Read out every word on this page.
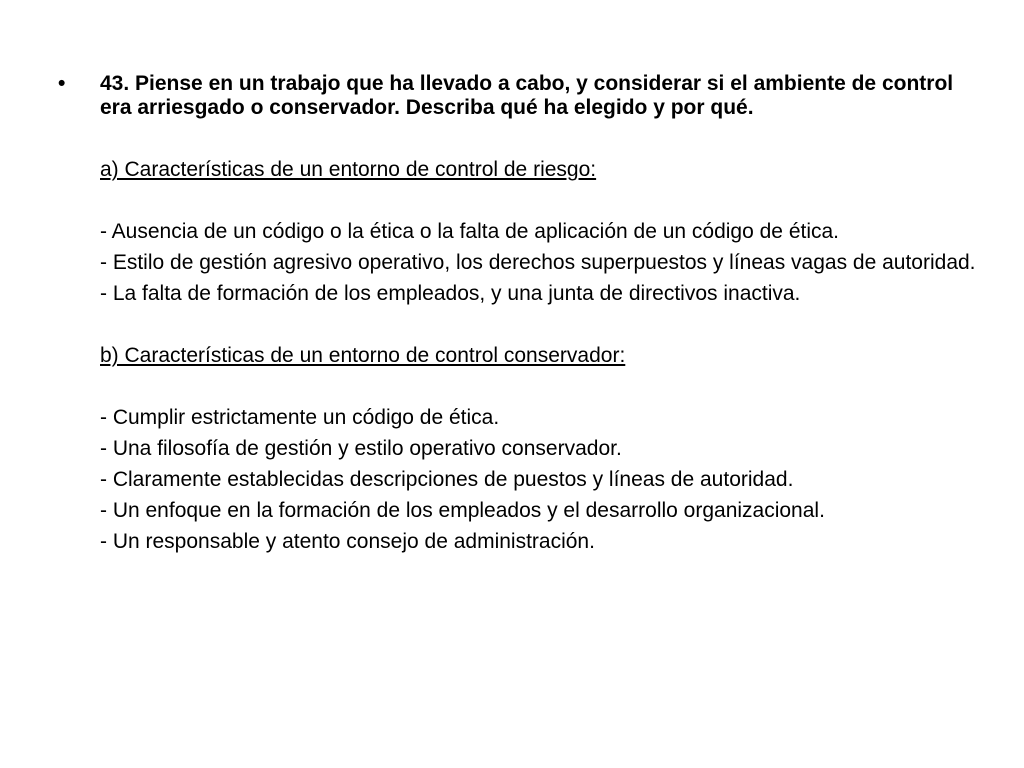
• 43. Piense en un trabajo que ha llevado a cabo, y considerar si el ambiente de control era arriesgado o conservador. Describa qué ha elegido y por qué.

a) Características de un entorno de control de riesgo:

- Ausencia de un código o la ética o la falta de aplicación de un código de ética.

- Estilo de gestión agresivo operativo, los derechos superpuestos y líneas vagas de autoridad.

- La falta de formación de los empleados, y una junta de directivos inactiva.

b) Características de un entorno de control conservador:

- Cumplir estrictamente un código de ética.

- Una filosofía de gestión y estilo operativo conservador.

- Claramente establecidas descripciones de puestos y líneas de autoridad.

- Un enfoque en la formación de los empleados y el desarrollo organizacional.

- Un responsable y atento consejo de administración.
